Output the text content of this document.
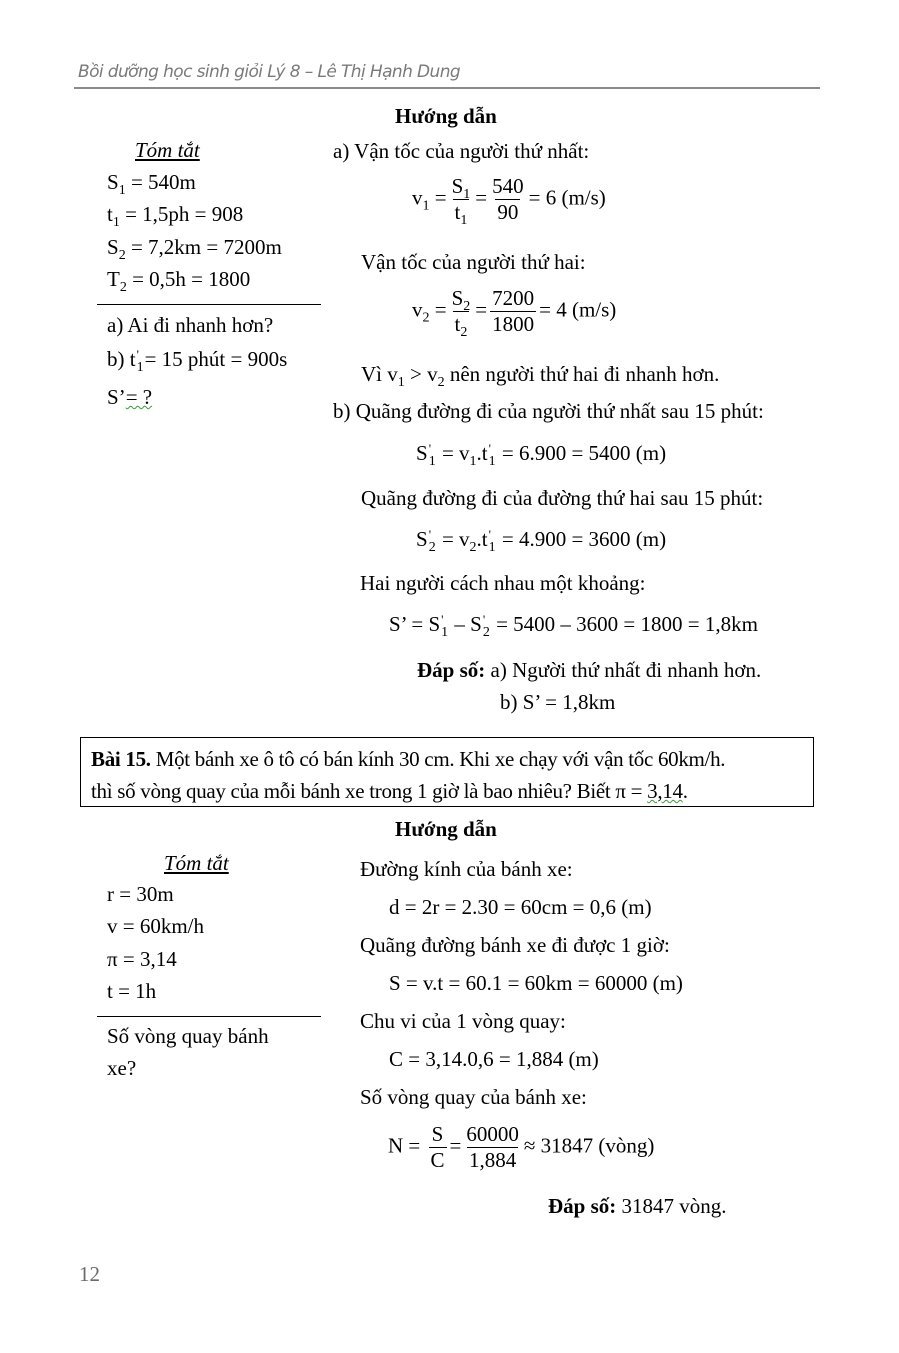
Bồi dưỡng học sinh giỏi Lý 8 – Lê Thị Hạnh Dung
Hướng dẫn
Tóm tắt
$S_1 = 540m$
$t_1 = 1,5ph = 908$
$S_2 = 7,2km = 7200m$
$T_2 = 0,5h = 1800$
a) Ai đi nhanh hơn?
b) t '
1 = 15 phút = 900s
S’= ?
a) Vận tốc của người thứ nhất:
$v_1 = \frac{S_1}{t_1} = \frac{540}{90} = 6$ (m/s)
Vận tốc của người thứ hai:
$v_2 = \frac{S_2}{t_2} = \frac{7200}{1800} = 4$ (m/s)
Vì $v_1 > v_2$ nên người thứ hai đi nhanh hơn.
b) Quãng đường đi của người thứ nhất sau 15 phút:
S '
$1 = v_1.t$ '
1 = 6.900 = 5400 (m)
Quãng đường đi của đường thứ hai sau 15 phút:
S '
$2 = v_2.t$ '
1 = 4.900 = 3600 (m)
Hai người cách nhau một khoảng:
S’ = S '
1 – S '
2 = 5400 – 3600 = 1800 = 1,8km
Đáp số: a) Người thứ nhất đi nhanh hơn.
b) S’ = 1,8km
Bài 15. Một bánh xe ô tô có bán kính 30 cm. Khi xe chạy với vận tốc 60km/h.
thì số vòng quay của mỗi bánh xe trong 1 giờ là bao nhiêu? Biết π = 3,14.
Hướng dẫn
Tóm tắt
r = 30m
v = 60km/h
π = 3,14
t = 1h
Số vòng quay bánh
xe?
Đường kính của bánh xe:
d = 2r = 2.30 = 60cm = 0,6 (m)
Quãng đường bánh xe đi được 1 giờ:
S = v.t = 60.1 = 60km = 60000 (m)
Chu vi của 1 vòng quay:
C = 3,14.0,6 = 1,884 (m)
Số vòng quay của bánh xe:
$N = \frac{S}{C} = \frac{60000}{1,884} \approx 31847$ (vòng)
Đáp số: 31847 vòng.
12
